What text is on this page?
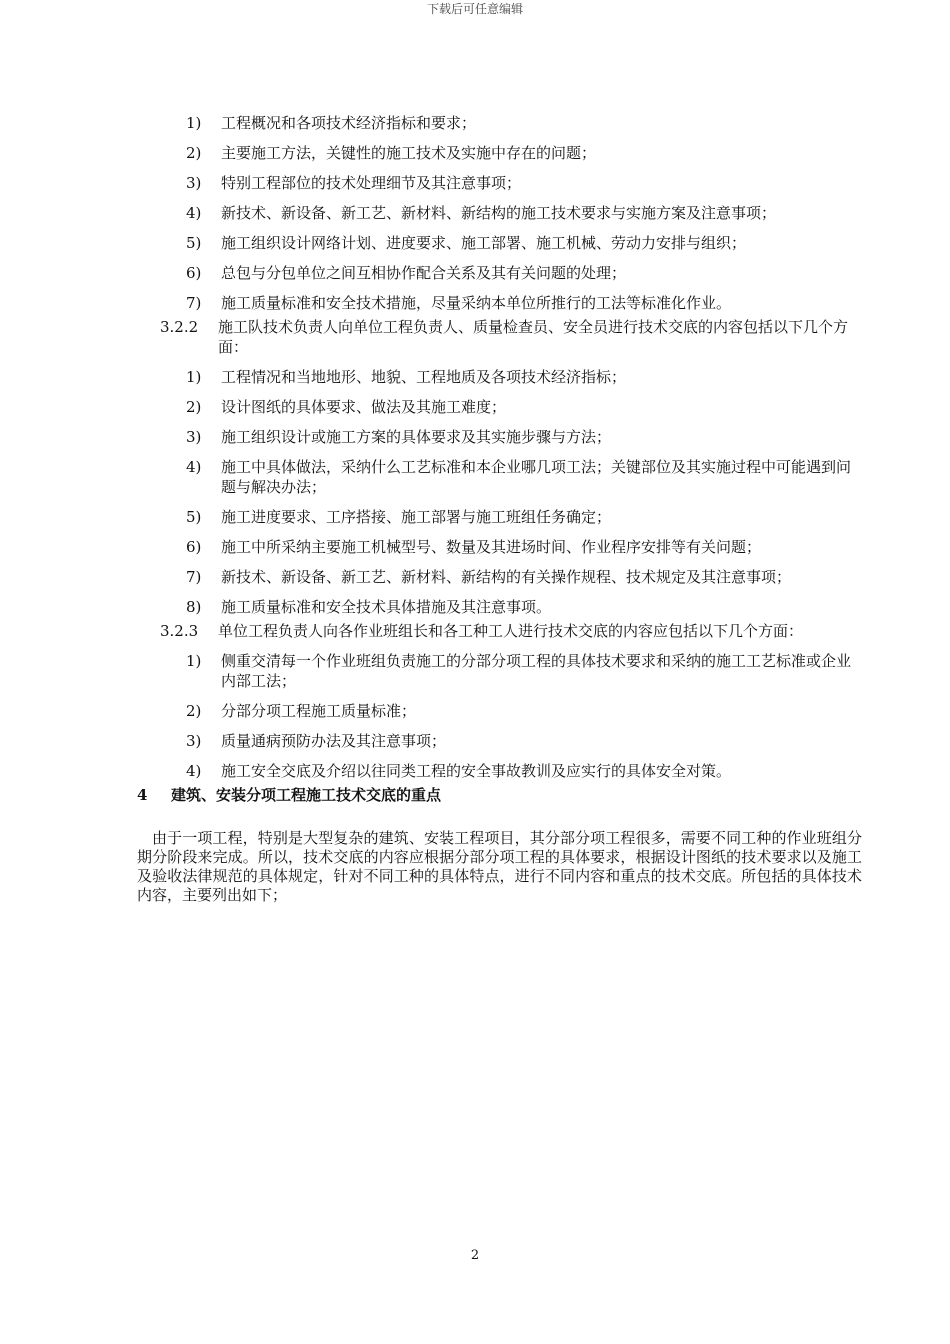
下载后可任意编辑
1) 工程概况和各项技术经济指标和要求；
2) 主要施工方法，关键性的施工技术及实施中存在的问题；
3) 特别工程部位的技术处理细节及其注意事项；
4) 新技术、新设备、新工艺、新材料、新结构的施工技术要求与实施方案及注意事项；
5) 施工组织设计网络计划、进度要求、施工部署、施工机械、劳动力安排与组织；
6) 总包与分包单位之间互相协作配合关系及其有关问题的处理；
7) 施工质量标准和安全技术措施，尽量采纳本单位所推行的工法等标准化作业。
3.2.2 施工队技术负责人向单位工程负责人、质量检查员、安全员进行技术交底的内容包括以下几个方面：
1) 工程情况和当地地形、地貌、工程地质及各项技术经济指标；
2) 设计图纸的具体要求、做法及其施工难度；
3) 施工组织设计或施工方案的具体要求及其实施步骤与方法；
4) 施工中具体做法，采纳什么工艺标准和本企业哪几项工法；关键部位及其实施过程中可能遇到问题与解决办法；
5) 施工进度要求、工序搭接、施工部署与施工班组任务确定；
6) 施工中所采纳主要施工机械型号、数量及其进场时间、作业程序安排等有关问题；
7) 新技术、新设备、新工艺、新材料、新结构的有关操作规程、技术规定及其注意事项；
8) 施工质量标准和安全技术具体措施及其注意事项。
3.2.3 单位工程负责人向各作业班组长和各工种工人进行技术交底的内容应包括以下几个方面：
1) 侧重交清每一个作业班组负责施工的分部分项工程的具体技术要求和采纳的施工工艺标准或企业内部工法；
2) 分部分项工程施工质量标准；
3) 质量通病预防办法及其注意事项；
4) 施工安全交底及介绍以往同类工程的安全事故教训及应实行的具体安全对策。
4 建筑、安装分项工程施工技术交底的重点
由于一项工程，特别是大型复杂的建筑、安装工程项目，其分部分项工程很多，需要不同工种的作业班组分期分阶段来完成。所以，技术交底的内容应根据分部分项工程的具体要求，根据设计图纸的技术要求以及施工及验收法律规范的具体规定，针对不同工种的具体特点，进行不同内容和重点的技术交底。所包括的具体技术内容，主要列出如下；
2
